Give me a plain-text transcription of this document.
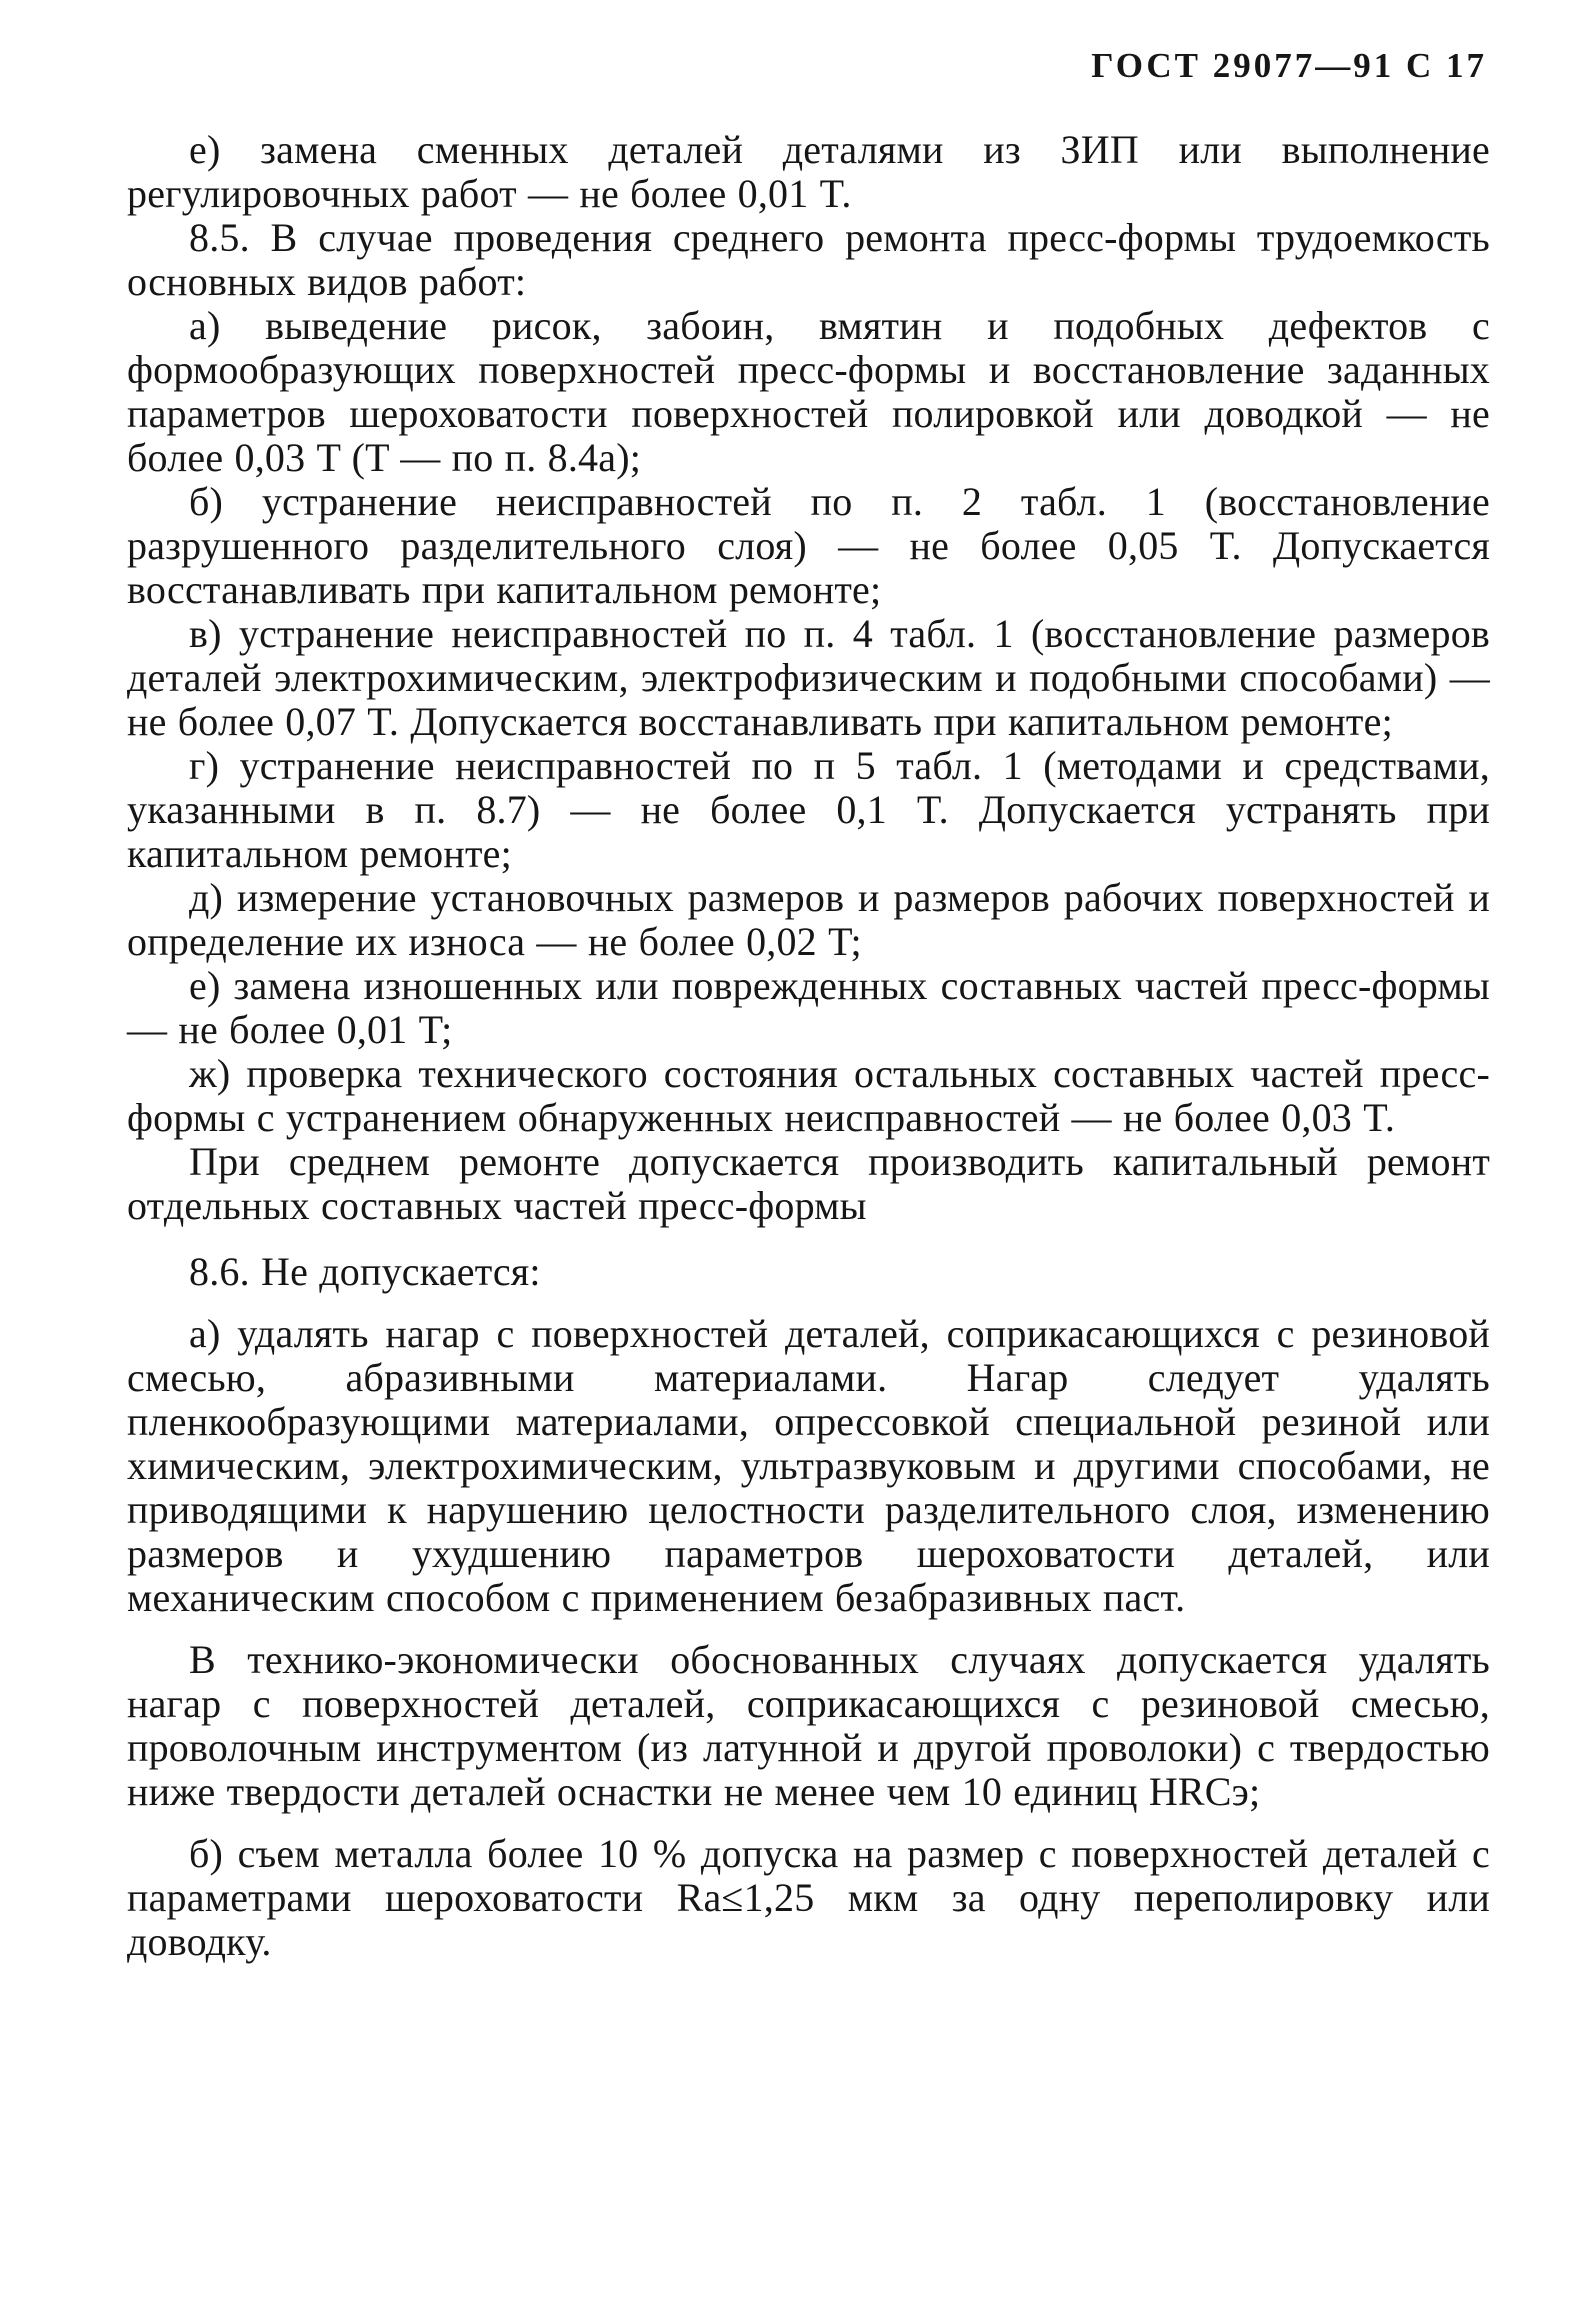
ГОСТ 29077—91 С 17

е) замена сменных деталей деталями из ЗИП или выполнение регулировочных работ — не более 0,01 T.

8.5. В случае проведения среднего ремонта пресс-формы трудоемкость основных видов работ:

а) выведение рисок, забоин, вмятин и подобных дефектов с формообразующих поверхностей пресс-формы и восстановление заданных параметров шероховатости поверхностей полировкой или доводкой — не более 0,03 T (T — по п. 8.4а);

б) устранение неисправностей по п. 2 табл. 1 (восстановление разрушенного разделительного слоя) — не более 0,05 T. Допускается восстанавливать при капитальном ремонте;

в) устранение неисправностей по п. 4 табл. 1 (восстановление размеров деталей электрохимическим, электрофизическим и подобными способами) — не более 0,07 T. Допускается восстанавливать при капитальном ремонте;

г) устранение неисправностей по п 5 табл. 1 (методами и средствами, указанными в п. 8.7) — не более 0,1 T. Допускается устранять при капитальном ремонте;

д) измерение установочных размеров и размеров рабочих поверхностей и определение их износа — не более 0,02 T;

е) замена изношенных или поврежденных составных частей пресс-формы — не более 0,01 T;

ж) проверка технического состояния остальных составных частей пресс-формы с устранением обнаруженных неисправностей — не более 0,03 T.

При среднем ремонте допускается производить капитальный ремонт отдельных составных частей пресс-формы

8.6. Не допускается:

а) удалять нагар с поверхностей деталей, соприкасающихся с резиновой смесью, абразивными материалами. Нагар следует удалять пленкообразующими материалами, опрессовкой специальной резиной или химическим, электрохимическим, ультразвуковым и другими способами, не приводящими к нарушению целостности разделительного слоя, изменению размеров и ухудшению параметров шероховатости деталей, или механическим способом с применением безабразивных паст.

В технико-экономически обоснованных случаях допускается удалять нагар с поверхностей деталей, соприкасающихся с резиновой смесью, проволочным инструментом (из латунной и другой проволоки) с твердостью ниже твердости деталей оснастки не менее чем 10 единиц HRCэ;

б) съем металла более 10 % допуска на размер с поверхностей деталей с параметрами шероховатости Ra≤1,25 мкм за одну переполировку или доводку.
